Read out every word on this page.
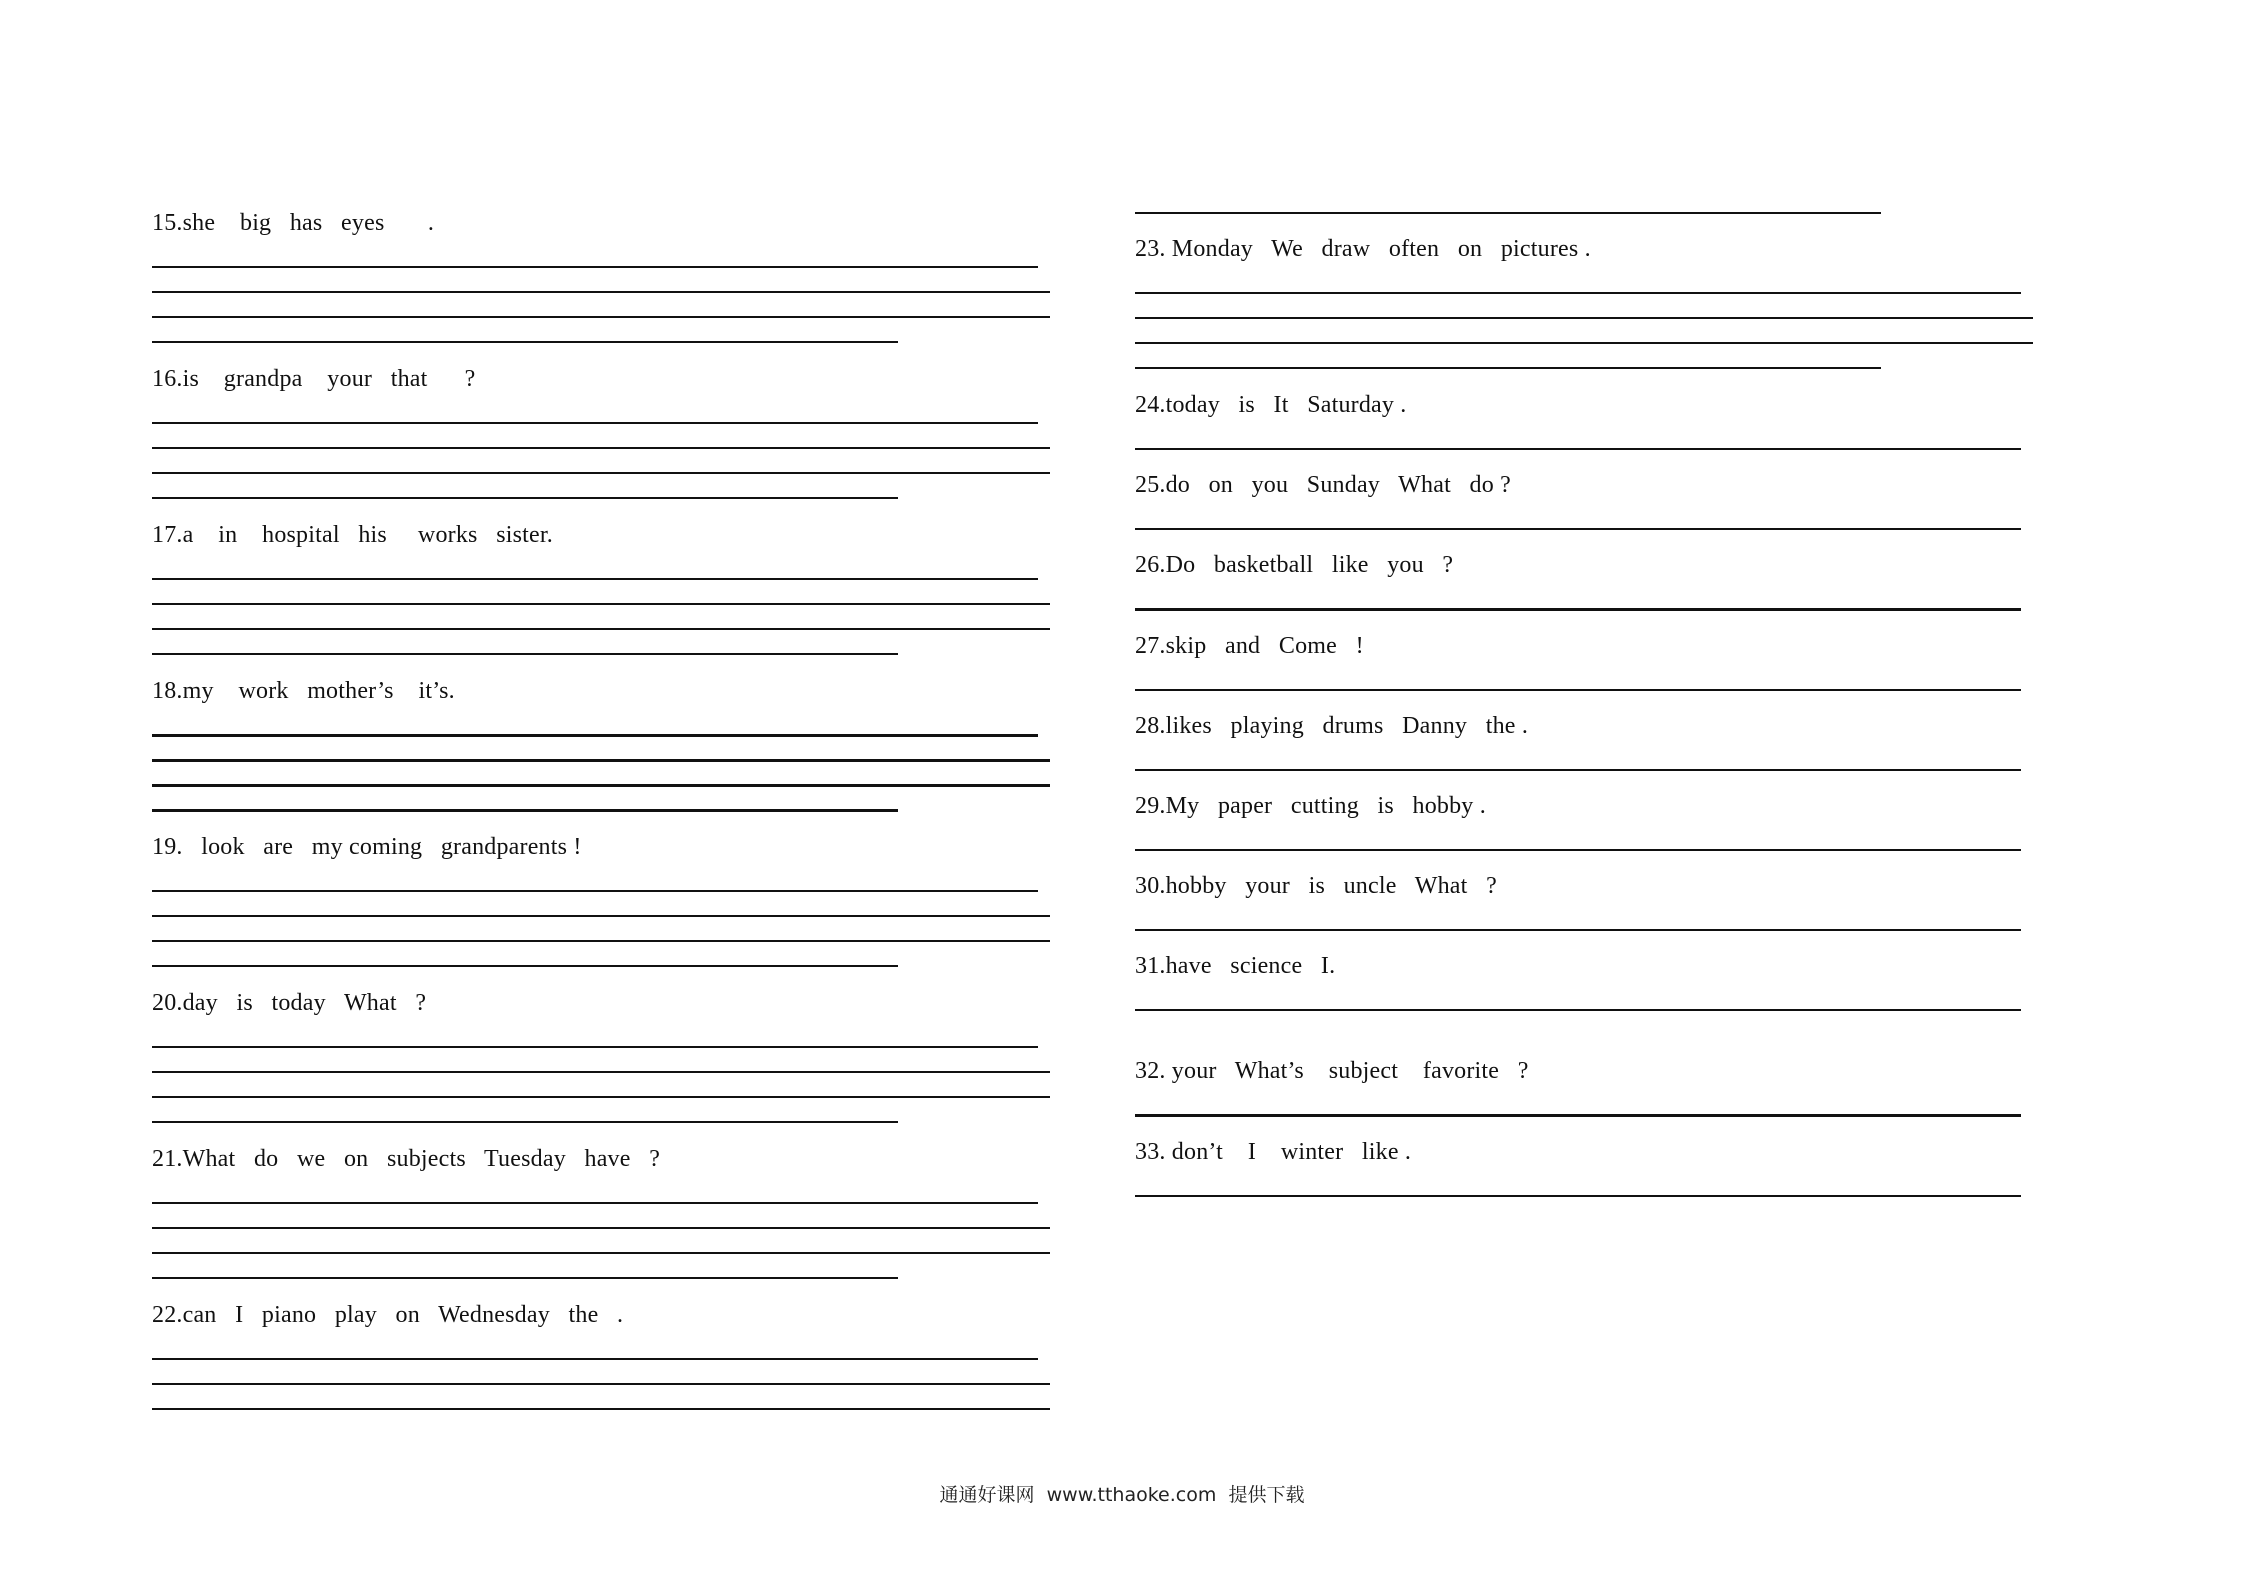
15.she    big   has   eyes       .
16.is    grandpa    your   that      ?
17.a    in    hospital   his     works   sister.
18.my    work   mother’s    it’s.
19.   look   are   my coming   grandparents !
20.day   is   today   What   ?
21.What   do   we   on   subjects   Tuesday   have   ?
22.can   I   piano   play   on   Wednesday   the   .
23. Monday   We   draw   often   on   pictures .
24.today   is   It   Saturday .
25.do   on   you   Sunday   What   do ?
26.Do   basketball   like   you   ?
27.skip   and   Come   !
28.likes   playing   drums   Danny   the .
29.My   paper   cutting   is   hobby .
30.hobby   your   is   uncle   What   ?
31.have   science   I.
32. your   What’s    subject    favorite   ?
33. don’t    I    winter   like .
通通好课网  www.tthaoke.com  提供下载
